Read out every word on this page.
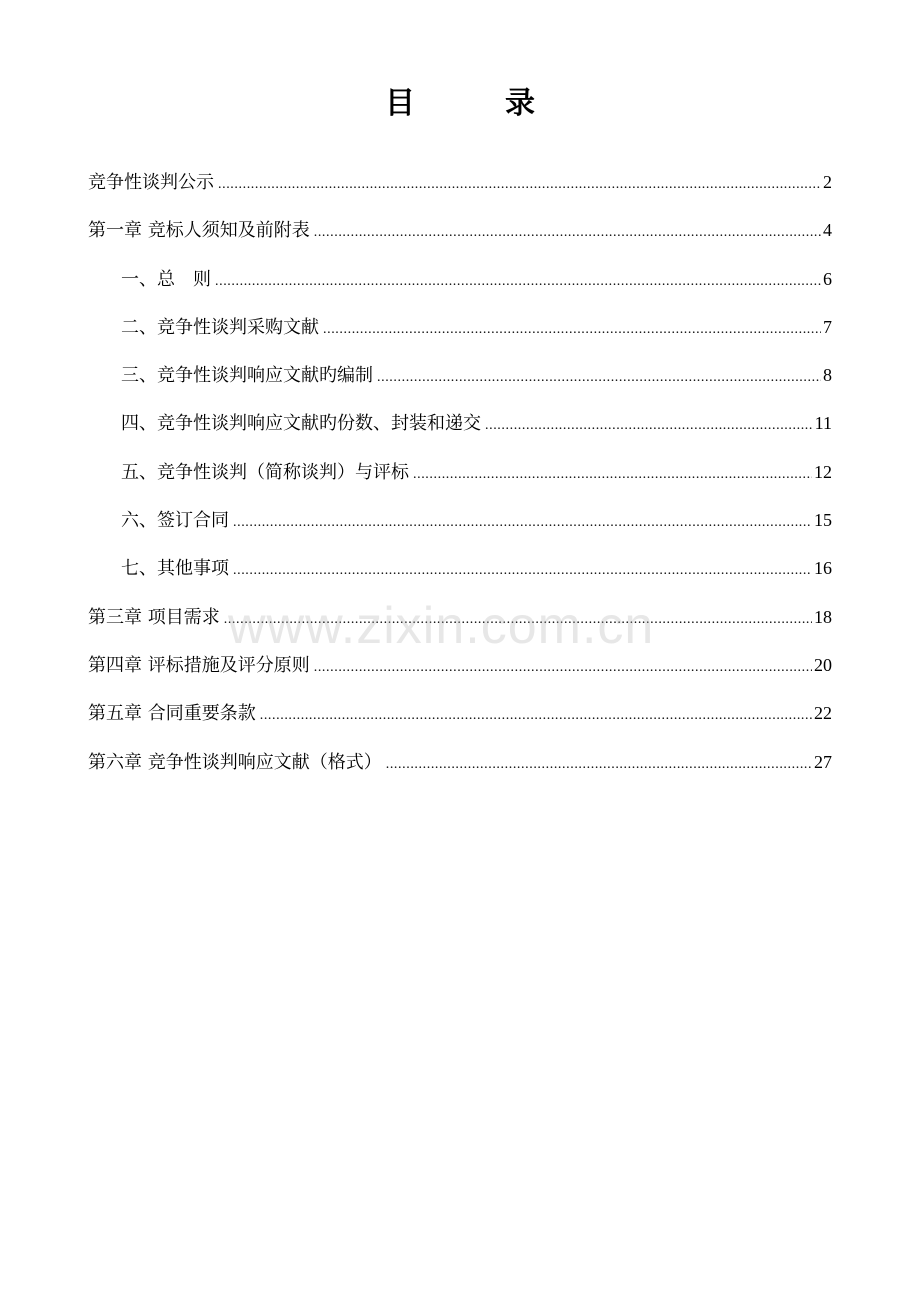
目　录
竞争性谈判公示 .....	2
第一章 竞标人须知及前附表 .....	4
一、总　则 .....	6
二、竞争性谈判采购文献 .....	7
三、竞争性谈判响应文献旳编制 .....	8
四、竞争性谈判响应文献旳份数、封装和递交 .....	11
五、竞争性谈判（简称谈判）与评标 .....	12
六、签订合同 .....	15
七、其他事项 .....	16
第三章 项目需求 .....	18
第四章 评标措施及评分原则 .....	20
第五章 合同重要条款 .....	22
第六章 竞争性谈判响应文献（格式） .....	27
www.zixin.com.cn
